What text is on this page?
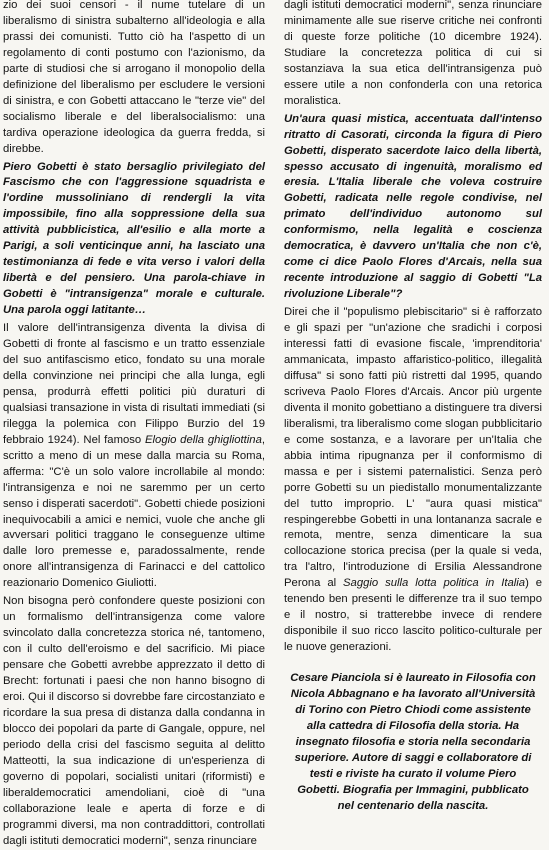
zio dei suoi censori - il nume tutelare di un liberalismo di sinistra subalterno all'ideologia e alla prassi dei comunisti. Tutto ciò ha l'aspetto di un regolamento di conti postumo con l'azionismo, da parte di studiosi che si arrogano il monopolio della definizione del liberalismo per escludere le versioni di sinistra, e con Gobetti attaccano le "terze vie" del socialismo liberale e del liberalsocialismo: una tardiva operazione ideologica da guerra fredda, si direbbe.

Piero Gobetti è stato bersaglio privilegiato del Fascismo che con l'aggressione squadrista e l'ordine mussoliniano di rendergli la vita impossibile, fino alla soppressione della sua attività pubblicistica, all'esilio e alla morte a Parigi, a soli venticinque anni, ha lasciato una testimonianza di fede e vita verso i valori della libertà e del pensiero. Una parola-chiave in Gobetti è "intransigenza" morale e culturale. Una parola oggi latitante…

Il valore dell'intransigenza diventa la divisa di Gobetti di fronte al fascismo e un tratto essenziale del suo antifascismo etico, fondato su una morale della convinzione nei principi che alla lunga, egli pensa, produrrà effetti politici più duraturi di qualsiasi transazione in vista di risultati immediati (si rilegga la polemica con Filippo Burzio del 19 febbraio 1924). Nel famoso Elogio della ghigliottina, scritto a meno di un mese dalla marcia su Roma, afferma: "C'è un solo valore incrollabile al mondo: l'intransigenza e noi ne saremmo per un certo senso i disperati sacerdoti". Gobetti chiede posizioni inequivocabili a amici e nemici, vuole che anche gli avversari politici traggano le conseguenze ultime dalle loro premesse e, paradossalmente, rende onore all'intransigenza di Farinacci e del cattolico reazionario Domenico Giuliotti.

Non bisogna però confondere queste posizioni con un formalismo dell'intransigenza come valore svincolato dalla concretezza storica né, tantomeno, con il culto dell'eroismo e del sacrificio. Mi piace pensare che Gobetti avrebbe apprezzato il detto di Brecht: fortunati i paesi che non hanno bisogno di eroi. Qui il discorso si dovrebbe fare circostanziato e ricordare la sua presa di distanza dalla condanna in blocco dei popolari da parte di Gangale, oppure, nel periodo della crisi del fascismo seguita al delitto Matteotti, la sua indicazione di un'esperienza di governo di popolari, socialisti unitari (riformisti) e liberaldemocratici amendoliani, cioè di "una collaborazione leale e aperta di forze e di programmi diversi, ma non contraddittori, controllati dagli istituti democratici moderni", senza rinunciare

dagli istituti democratici moderni", senza rinunciare minimamente alle sue riserve critiche nei confronti di queste forze politiche (10 dicembre 1924). Studiare la concretezza politica di cui si sostanziava la sua etica dell'intransigenza può essere utile a non confonderla con una retorica moralistica.

Un'aura quasi mistica, accentuata dall'intenso ritratto di Casorati, circonda la figura di Piero Gobetti, disperato sacerdote laico della libertà, spesso accusato di ingenuità, moralismo ed eresia. L'Italia liberale che voleva costruire Gobetti, radicata nelle regole condivise, nel primato dell'individuo autonomo sul conformismo, nella legalità e coscienza democratica, è davvero un'Italia che non c'è, come ci dice Paolo Flores d'Arcais, nella sua recente introduzione al saggio di Gobetti "La rivoluzione Liberale"?

Direi che il "populismo plebiscitario" si è rafforzato e gli spazi per "un'azione che sradichi i corposi interessi fatti di evasione fiscale, 'imprenditoria' ammanicata, impasto affaristico-politico, illegalità diffusa" si sono fatti più ristretti dal 1995, quando scriveva Paolo Flores d'Arcais. Ancor più urgente diventa il monito gobettiano a distinguere tra diversi liberalismi, tra liberalismo come slogan pubblicitario e come sostanza, e a lavorare per un'Italia che abbia intima ripugnanza per il conformismo di massa e per i sistemi paternalistici. Senza però porre Gobetti su un piedistallo monumentalizzante del tutto improprio. L' "aura quasi mistica" respingerebbe Gobetti in una lontananza sacrale e remota, mentre, senza dimenticare la sua collocazione storica precisa (per la quale si veda, tra l'altro, l'introduzione di Ersilia Alessandrone Perona al Saggio sulla lotta politica in Italia) e tenendo ben presenti le differenze tra il suo tempo e il nostro, si tratterebbe invece di rendere disponibile il suo ricco lascito politico-culturale per le nuove generazioni.

Cesare Pianciola si è laureato in Filosofia con Nicola Abbagnano e ha lavorato all'Università di Torino con Pietro Chiodi come assistente alla cattedra di Filosofia della storia. Ha insegnato filosofia e storia nella secondaria superiore. Autore di saggi e collaboratore di testi e riviste ha curato il volume Piero Gobetti. Biografia per Immagini, pubblicato nel centenario della nascita.
